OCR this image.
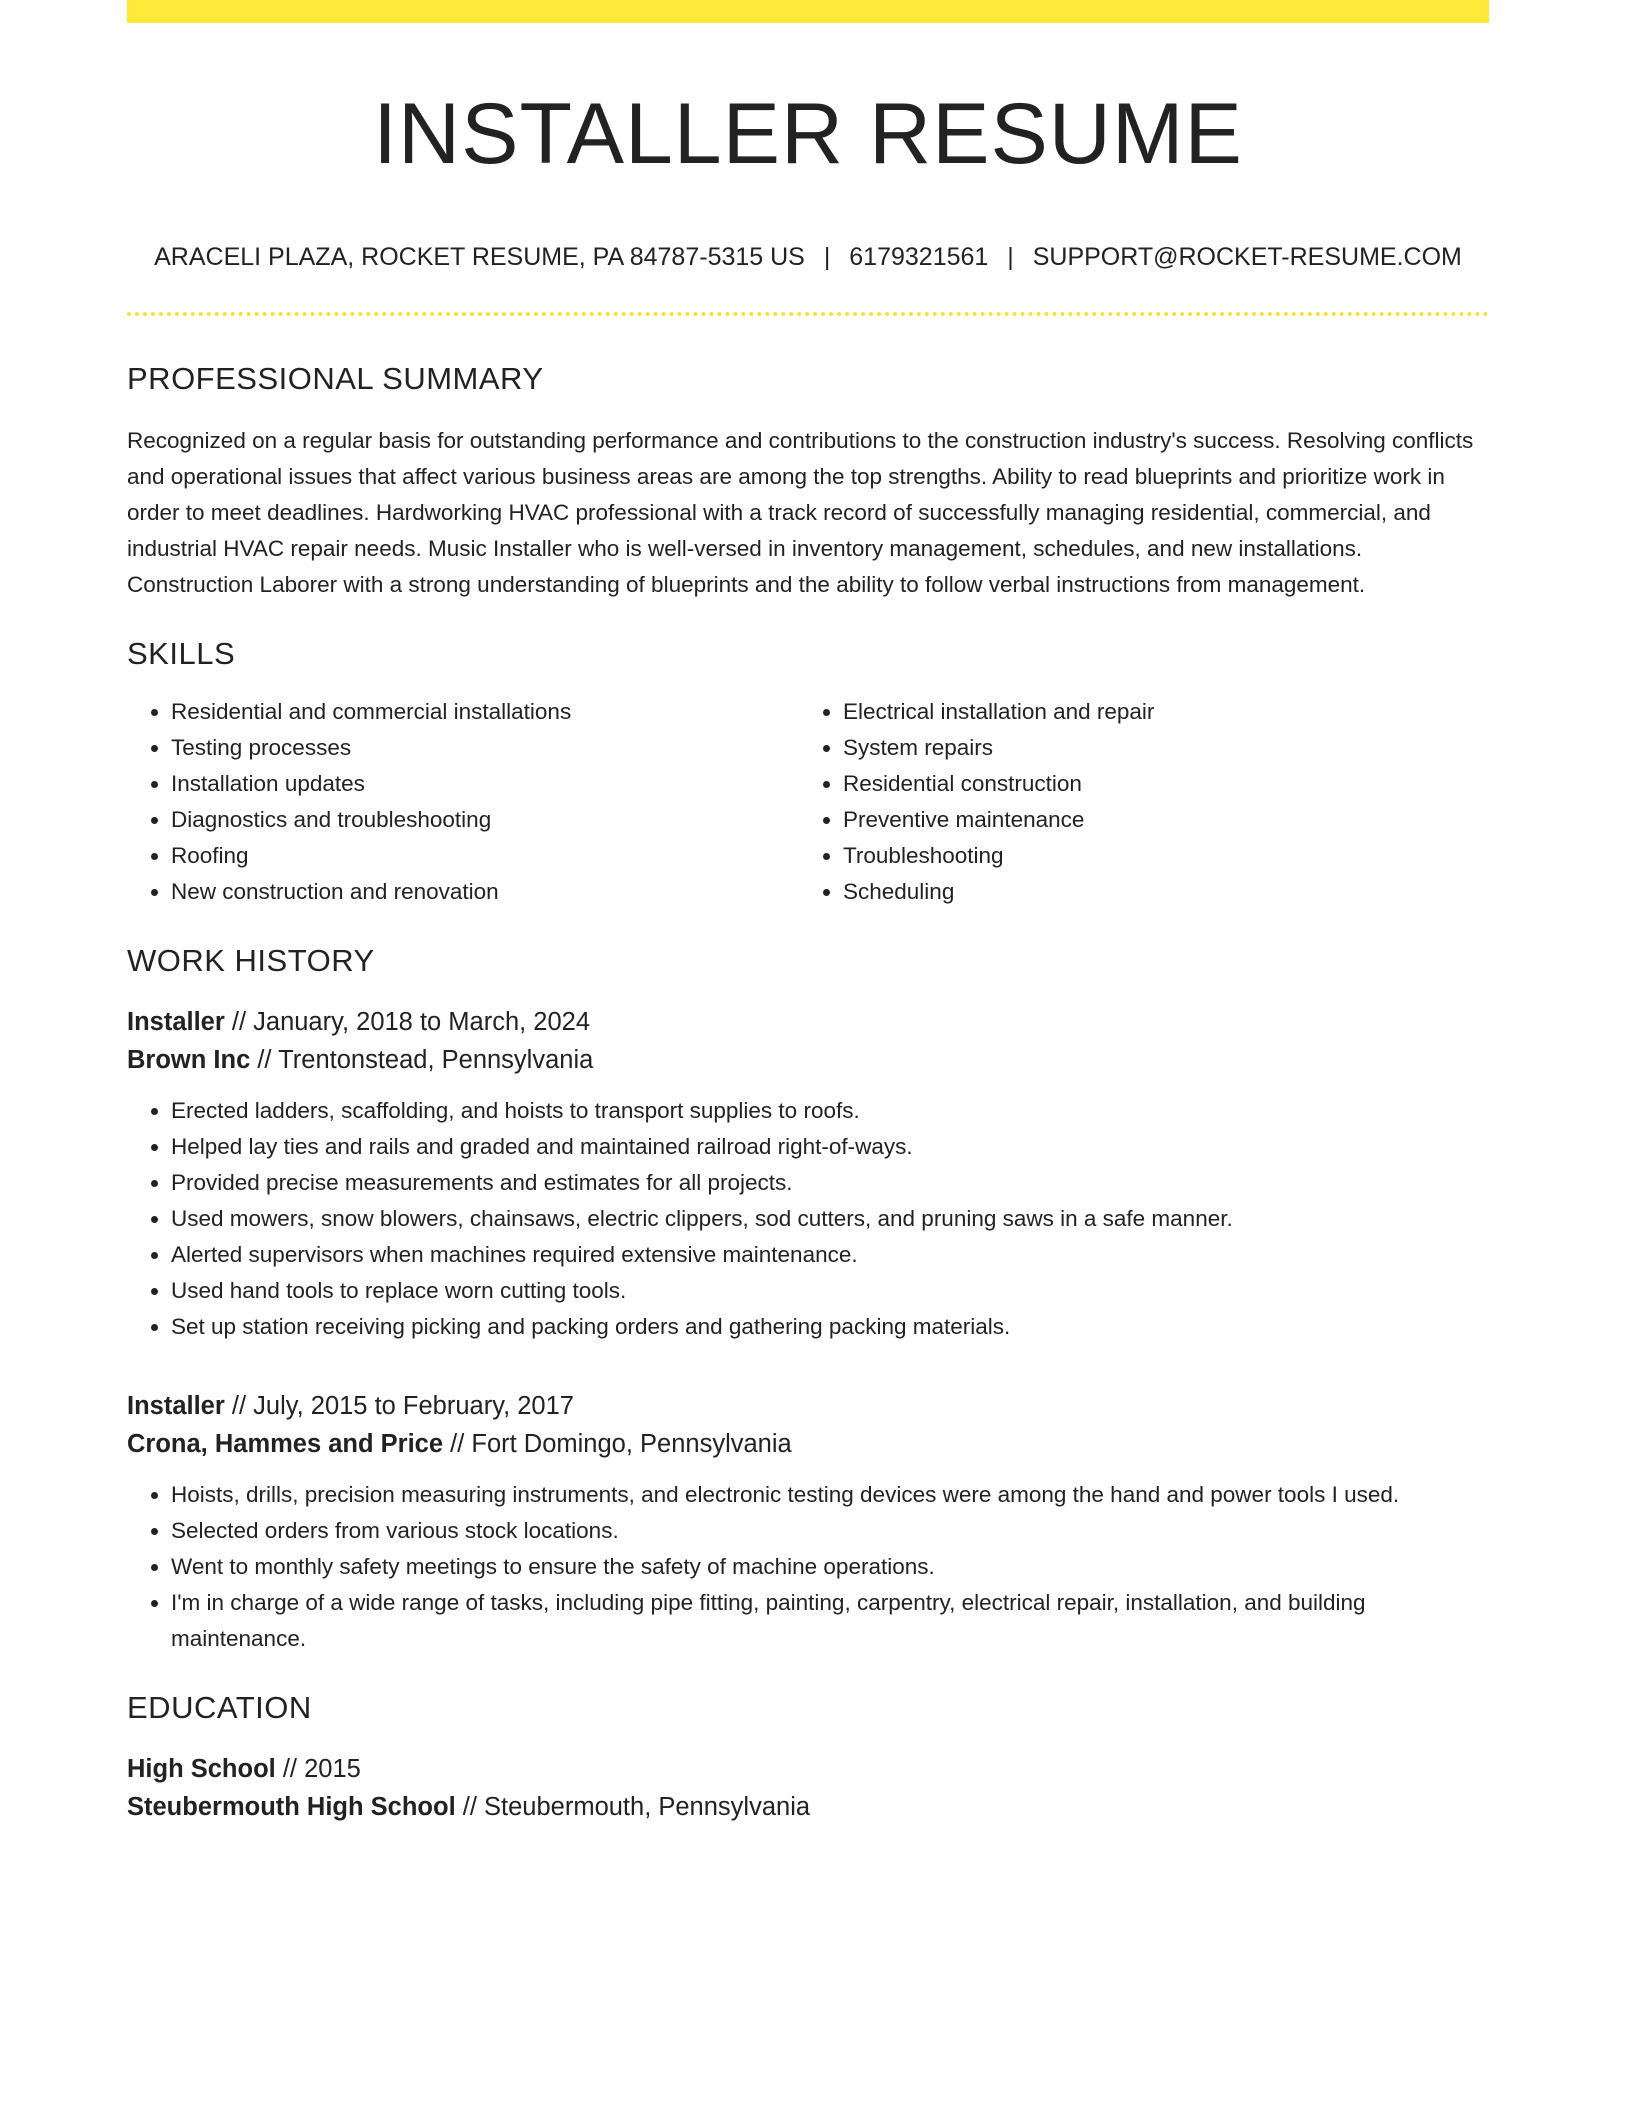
INSTALLER RESUME
ARACELI PLAZA, ROCKET RESUME, PA 84787-5315 US | 6179321561 | SUPPORT@ROCKET-RESUME.COM
PROFESSIONAL SUMMARY

Recognized on a regular basis for outstanding performance and contributions to the construction industry's success. Resolving conflicts and operational issues that affect various business areas are among the top strengths. Ability to read blueprints and prioritize work in order to meet deadlines. Hardworking HVAC professional with a track record of successfully managing residential, commercial, and industrial HVAC repair needs. Music Installer who is well-versed in inventory management, schedules, and new installations. Construction Laborer with a strong understanding of blueprints and the ability to follow verbal instructions from management.

SKILLS
• Residential and commercial installations
• Testing processes
• Installation updates
• Diagnostics and troubleshooting
• Roofing
• New construction and renovation
• Electrical installation and repair
• System repairs
• Residential construction
• Preventive maintenance
• Troubleshooting
• Scheduling
WORK HISTORY
Installer // January, 2018 to March, 2024
Brown Inc // Trentonstead, Pennsylvania
• Erected ladders, scaffolding, and hoists to transport supplies to roofs.
• Helped lay ties and rails and graded and maintained railroad right-of-ways.
• Provided precise measurements and estimates for all projects.
• Used mowers, snow blowers, chainsaws, electric clippers, sod cutters, and pruning saws in a safe manner.
• Alerted supervisors when machines required extensive maintenance.
• Used hand tools to replace worn cutting tools.
• Set up station receiving picking and packing orders and gathering packing materials.
Installer // July, 2015 to February, 2017
Crona, Hammes and Price // Fort Domingo, Pennsylvania
• Hoists, drills, precision measuring instruments, and electronic testing devices were among the hand and power tools I used.
• Selected orders from various stock locations.
• Went to monthly safety meetings to ensure the safety of machine operations.
• I'm in charge of a wide range of tasks, including pipe fitting, painting, carpentry, electrical repair, installation, and building maintenance.
EDUCATION
High School // 2015
Steubermouth High School // Steubermouth, Pennsylvania
